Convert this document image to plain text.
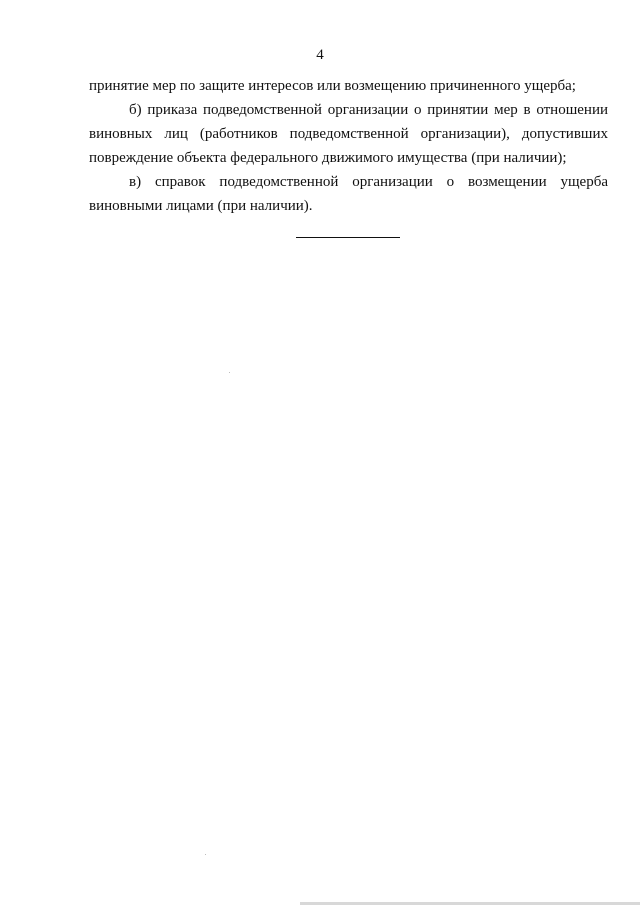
4
принятие мер по защите интересов или возмещению причиненного ущерба;
б) приказа подведомственной организации о принятии мер в отношении
виновных лиц (работников подведомственной организации), допустивших
повреждение объекта федерального движимого имущества (при наличии);
в) справок подведомственной организации о возмещении ущерба
виновными лицами (при наличии).
